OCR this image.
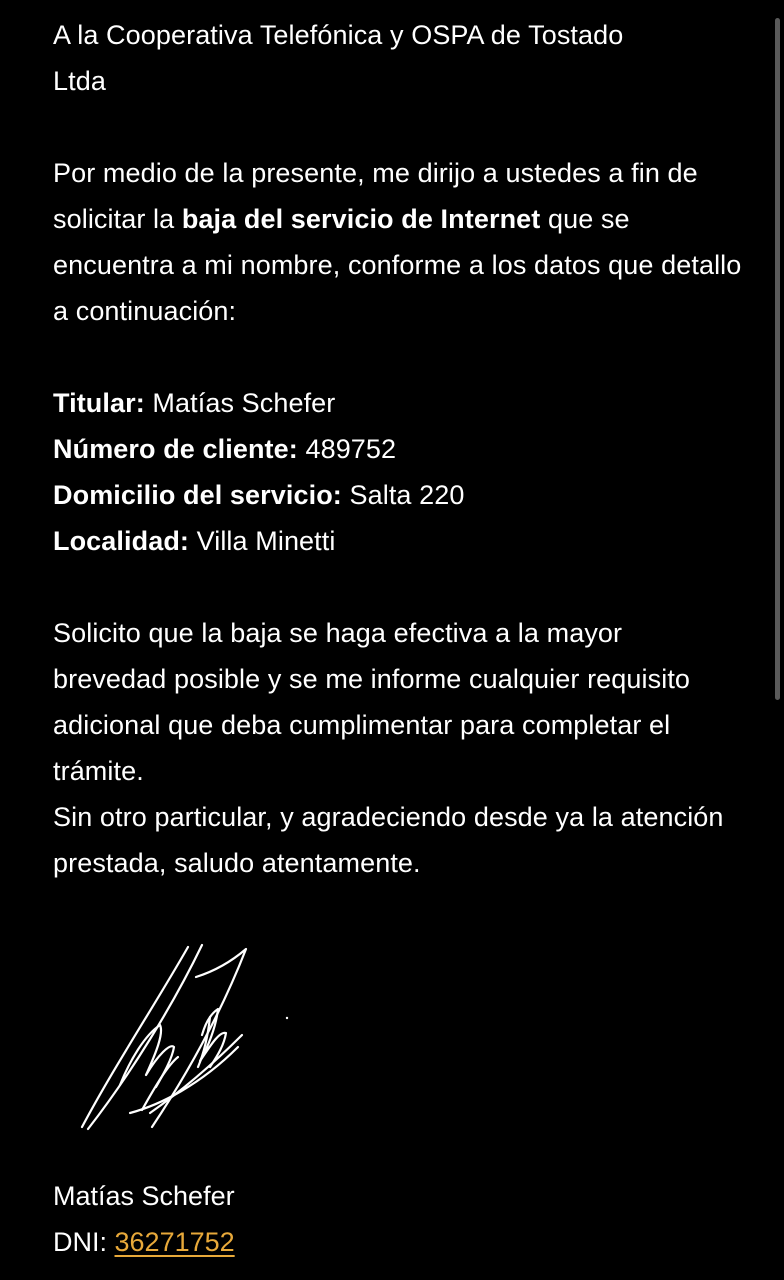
A la Cooperativa Telefónica y OSPA de Tostado
Ltda

Por medio de la presente, me dirijo a ustedes a fin de solicitar la baja del servicio de Internet que se encuentra a mi nombre, conforme a los datos que detallo a continuación:

Titular: Matías Schefer

Número de cliente: 489752

Domicilio del servicio: Salta 220

Localidad: Villa Minetti

Solicito que la baja se haga efectiva a la mayor brevedad posible y se me informe cualquier requisito adicional que deba cumplimentar para completar el trámite.

Sin otro particular, y agradeciendo desde ya la atención prestada, saludo atentamente.

Matías Schefer

DNI: 36271752
